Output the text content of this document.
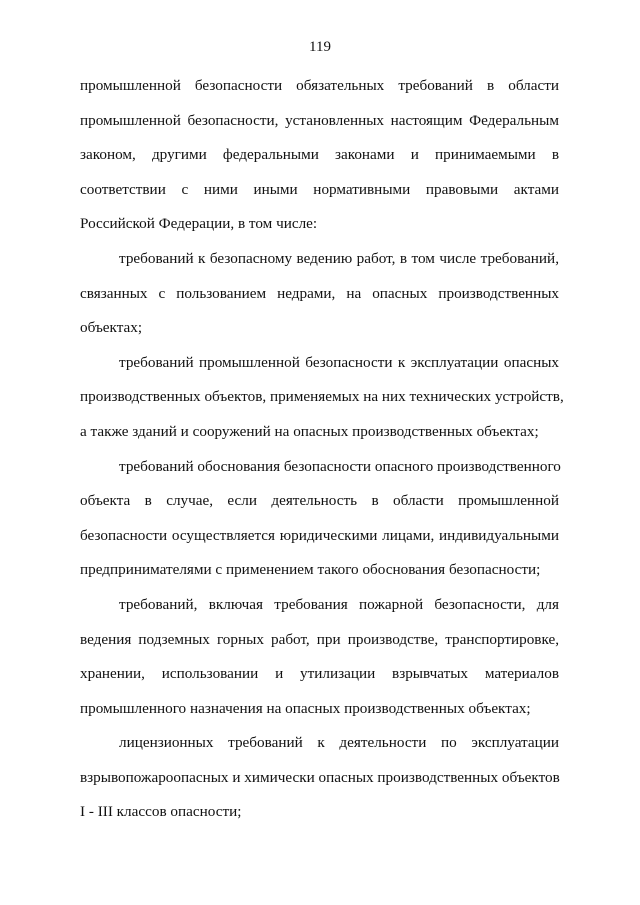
119
промышленной безопасности обязательных требований в области
промышленной безопасности, установленных настоящим Федеральным
законом, другими федеральными законами и принимаемыми в
соответствии с ними иными нормативными правовыми актами
Российской Федерации, в том числе:
требований к безопасному ведению работ, в том числе требований,
связанных с пользованием недрами, на опасных производственных
объектах;
требований промышленной безопасности к эксплуатации опасных
производственных объектов, применяемых на них технических устройств,
а также зданий и сооружений на опасных производственных объектах;
требований обоснования безопасности опасного производственного
объекта в случае, если деятельность в области промышленной
безопасности осуществляется юридическими лицами, индивидуальными
предпринимателями с применением такого обоснования безопасности;
требований, включая требования пожарной безопасности, для
ведения подземных горных работ, при производстве, транспортировке,
хранении, использовании и утилизации взрывчатых материалов
промышленного назначения на опасных производственных объектах;
лицензионных требований к деятельности по эксплуатации
взрывопожароопасных и химически опасных производственных объектов
I - III классов опасности;
